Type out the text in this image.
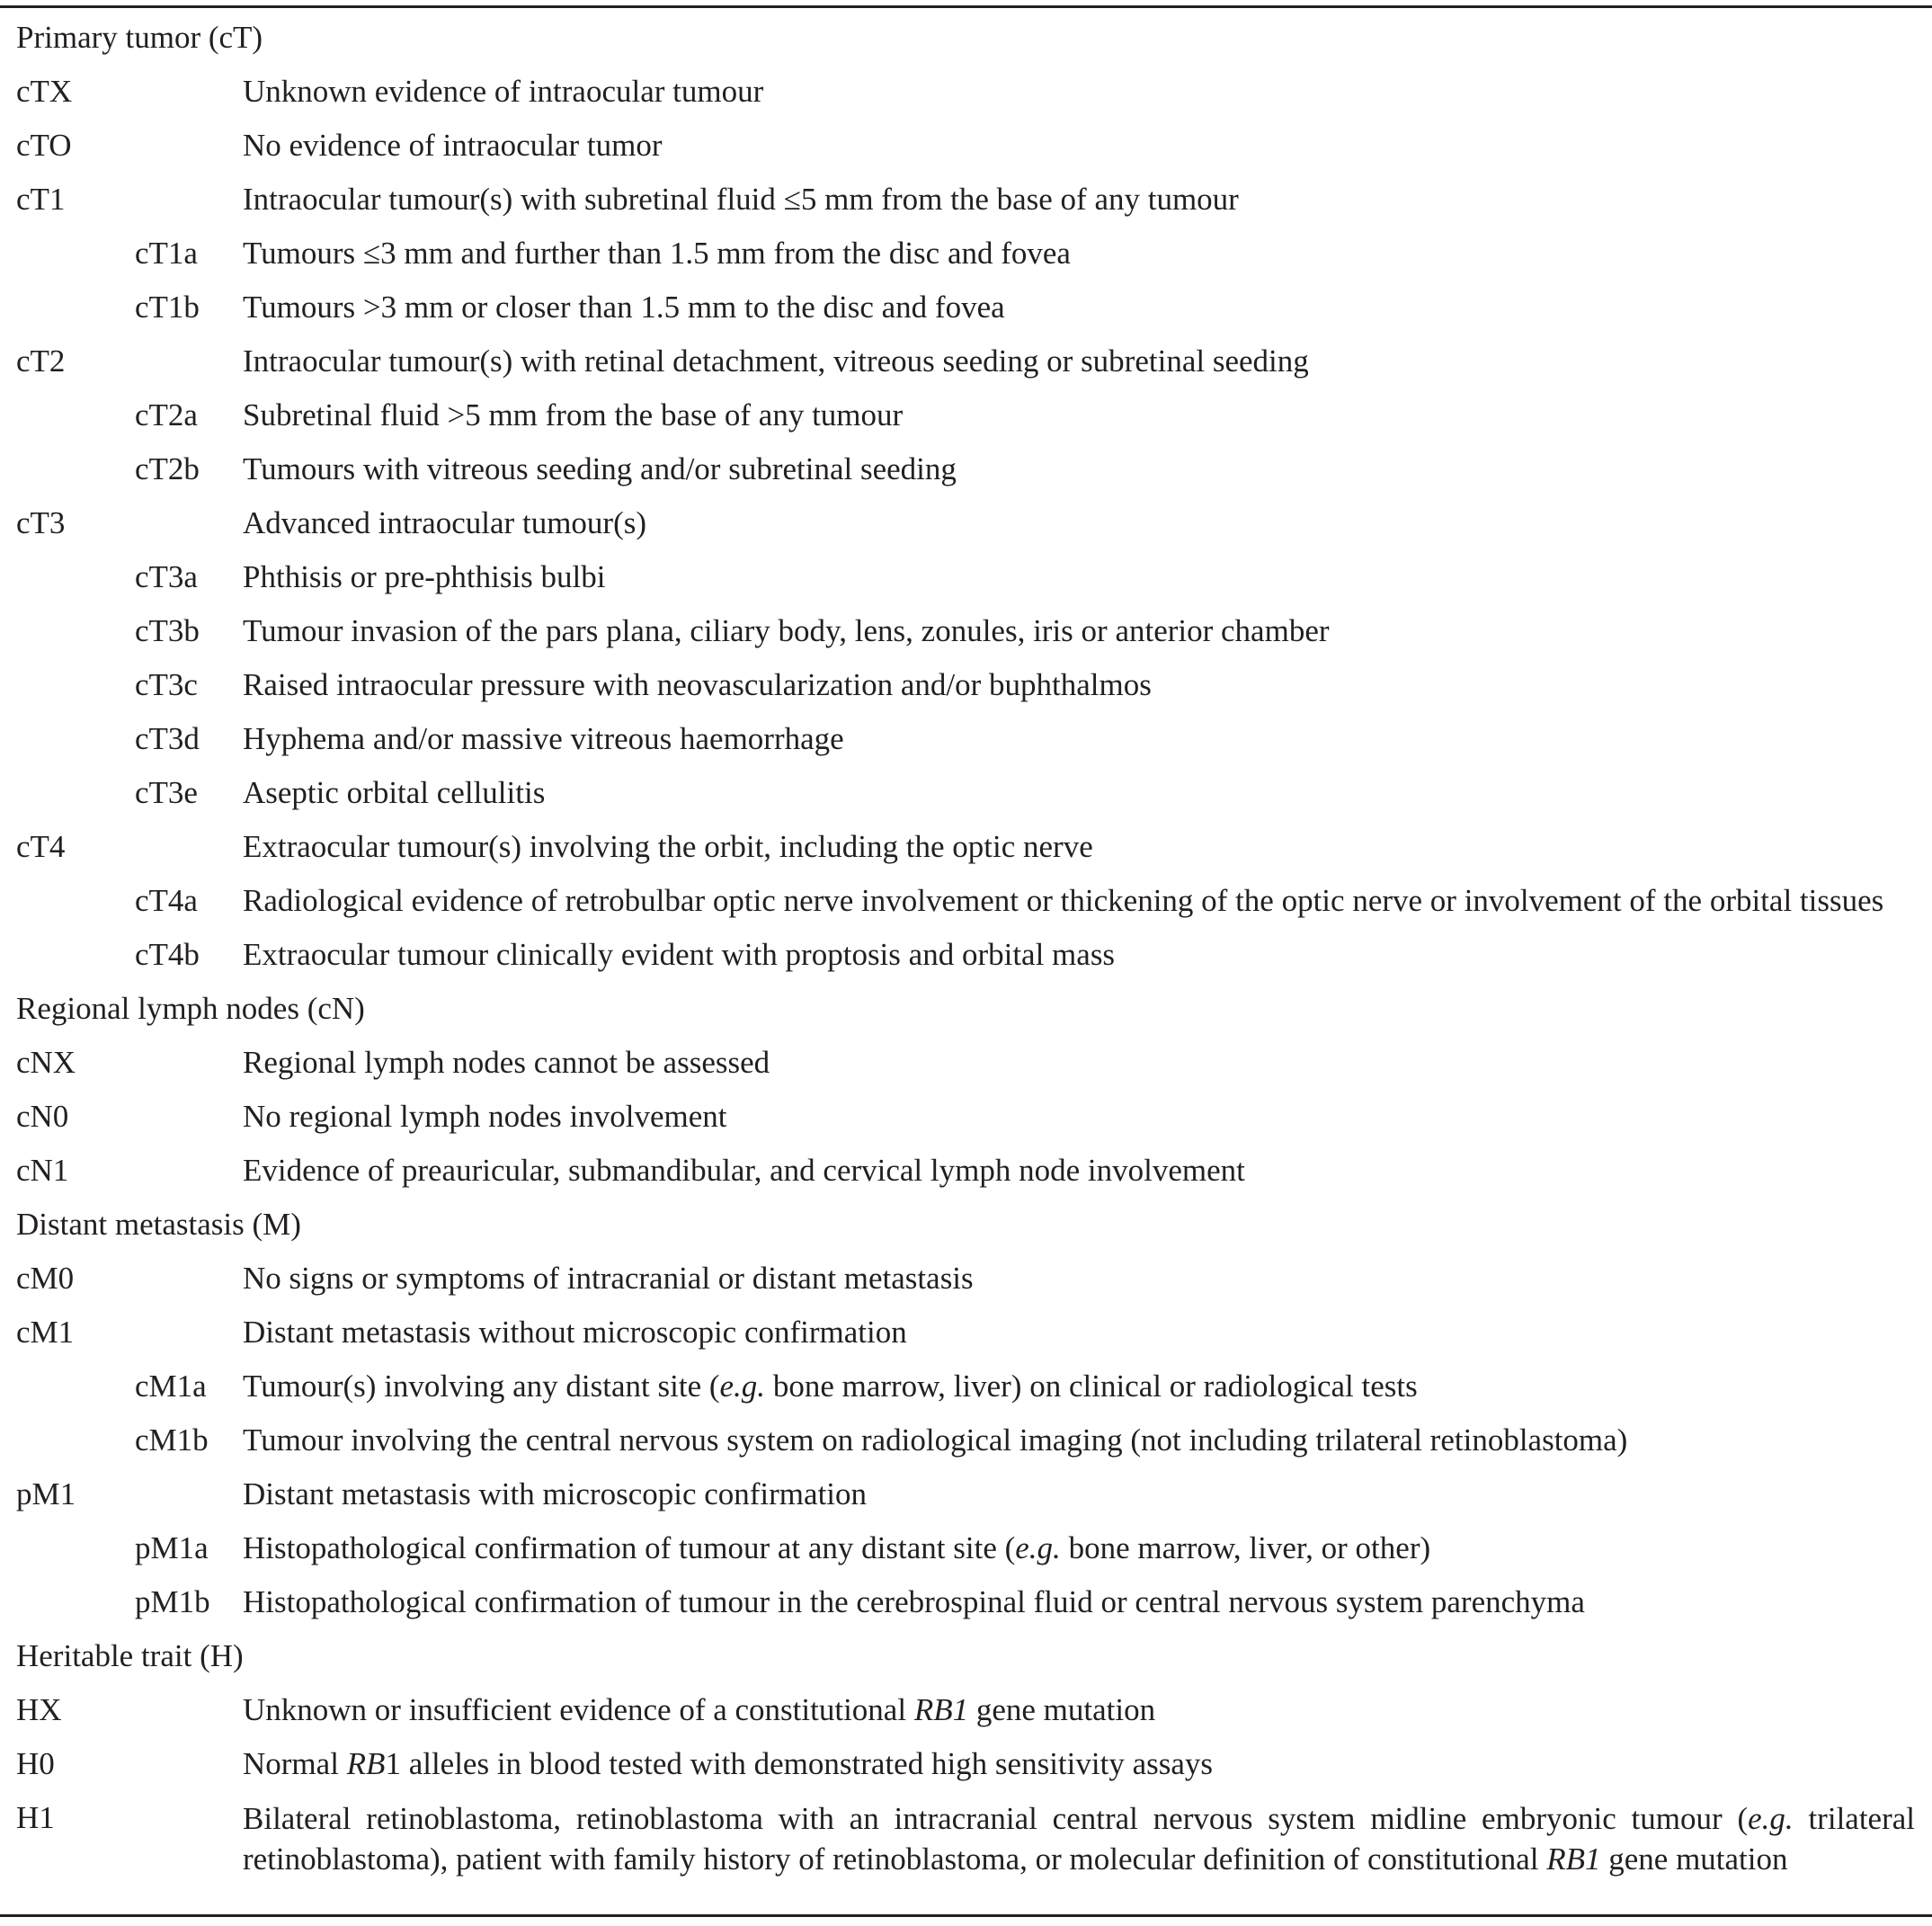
Primary tumor (cT)
cTX	Unknown evidence of intraocular tumour
cTO	No evidence of intraocular tumor
cT1	Intraocular tumour(s) with subretinal fluid ≤5 mm from the base of any tumour
cT1a Tumours ≤3 mm and further than 1.5 mm from the disc and fovea
cT1b Tumours >3 mm or closer than 1.5 mm to the disc and fovea
cT2	Intraocular tumour(s) with retinal detachment, vitreous seeding or subretinal seeding
cT2a Subretinal fluid >5 mm from the base of any tumour
cT2b Tumours with vitreous seeding and/or subretinal seeding
cT3	Advanced intraocular tumour(s)
cT3a Phthisis or pre-phthisis bulbi
cT3b Tumour invasion of the pars plana, ciliary body, lens, zonules, iris or anterior chamber
cT3c Raised intraocular pressure with neovascularization and/or buphthalmos
cT3d Hyphema and/or massive vitreous haemorrhage
cT3e Aseptic orbital cellulitis
cT4	Extraocular tumour(s) involving the orbit, including the optic nerve
cT4a Radiological evidence of retrobulbar optic nerve involvement or thickening of the optic nerve or involvement of the orbital tissues
cT4b Extraocular tumour clinically evident with proptosis and orbital mass
Regional lymph nodes (cN)
cNX	Regional lymph nodes cannot be assessed
cN0	No regional lymph nodes involvement
cN1	Evidence of preauricular, submandibular, and cervical lymph node involvement
Distant metastasis (M)
cM0	No signs or symptoms of intracranial or distant metastasis
cM1	Distant metastasis without microscopic confirmation
cM1a Tumour(s) involving any distant site (e.g. bone marrow, liver) on clinical or radiological tests
cM1b Tumour involving the central nervous system on radiological imaging (not including trilateral retinoblastoma)
pM1	Distant metastasis with microscopic confirmation
pM1a Histopathological confirmation of tumour at any distant site (e.g. bone marrow, liver, or other)
pM1b Histopathological confirmation of tumour in the cerebrospinal fluid or central nervous system parenchyma
Heritable trait (H)
HX	Unknown or insufficient evidence of a constitutional RB1 gene mutation
H0	Normal RB1 alleles in blood tested with demonstrated high sensitivity assays
H1	Bilateral retinoblastoma, retinoblastoma with an intracranial central nervous system midline embryonic tumour (e.g. trilateral retinoblastoma), patient with family history of retinoblastoma, or molecular definition of constitutional RB1 gene mutation
